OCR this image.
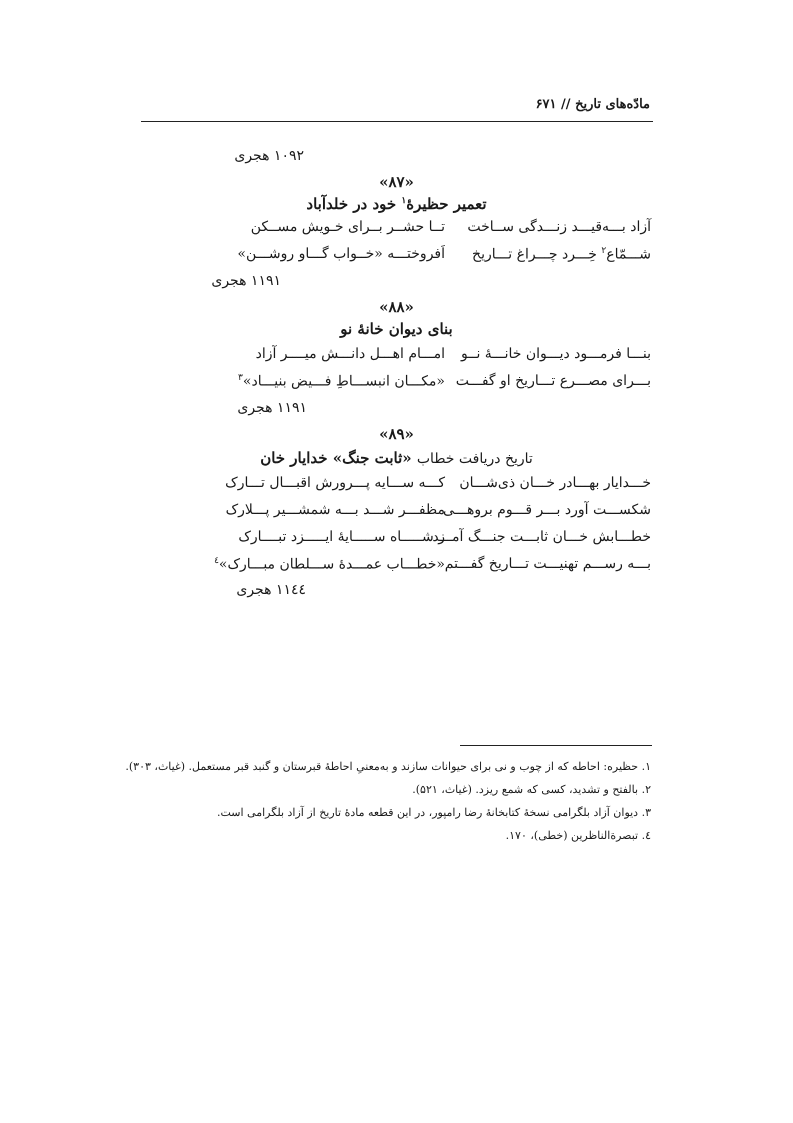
مادّه‌های تاریخ // ۶۷۱
۱۰۹۲ هجری
«۸۷»
تعمیر حظیرهٔ$^۱$ خود در خلدآباد
آزاد بـــه‌قیـــد زنـــدگی ســاخت
تــا حشــر بــرای خـویش مســکن
شـــمّاع$^۲$ خِـــرد چـــراغ تـــاریخ
اَفروختـــه «خــواب گـــاو روشـــن»
۱۱۹۱ هجری
«۸۸»
بنای دیوان خانهٔ نو
بنـــا فرمـــود دیـــوان خانـــهٔ نــو
امـــام اهـــل دانـــش میــــر آزاد
بـــرای مصـــرع تـــاریخ او گفـــت
«مکـــان انبســـاطِ فـــیض بنیـــاد»$^۳$
۱۱۹۱ هجری
«۸۹»
تاریخ دریافت خطاب «ثابت جنگ» خدایار خان
خـــدایار بهـــادر خـــان ذی‌شـــان
کـــه ســـایه پـــرورش اقبـــال تـــارک
شکســـت آورد بـــر قـــوم بروهـــی
مظفـــر شـــد بـــه شمشـــیر پـــلارک
خطـــابش خـــان ثابـــت جنـــگ آمـــد
ز شـــــاه ســـــایهٔ ایـــــزد تبــــارک
بـــه رســـم تهنیـــت تـــاریخ گفـــتم
«خطـــاب عمـــدهٔ ســـلطان مبـــارک»$^٤$
۱۱٤٤ هجری
۱. حظیره: احاطه که از چوب و نی برای حیوانات سازند و به‌معنیِ احاطهٔ قبرستان و گنبد قبر مستعمل. (غیاث، ۳۰۳).
۲. بالفتح و تشدید، کسی که شمع ریزد. (غیاث، ۵۲۱).
۳. دیوان آزاد بلگرامی نسخهٔ کتابخانهٔ رضا رامپور، در این قطعه مادهٔ تاریخ از آزاد بلگرامی است.
٤. تبصرة‌الناظرین (خطی)، ۱۷۰.
